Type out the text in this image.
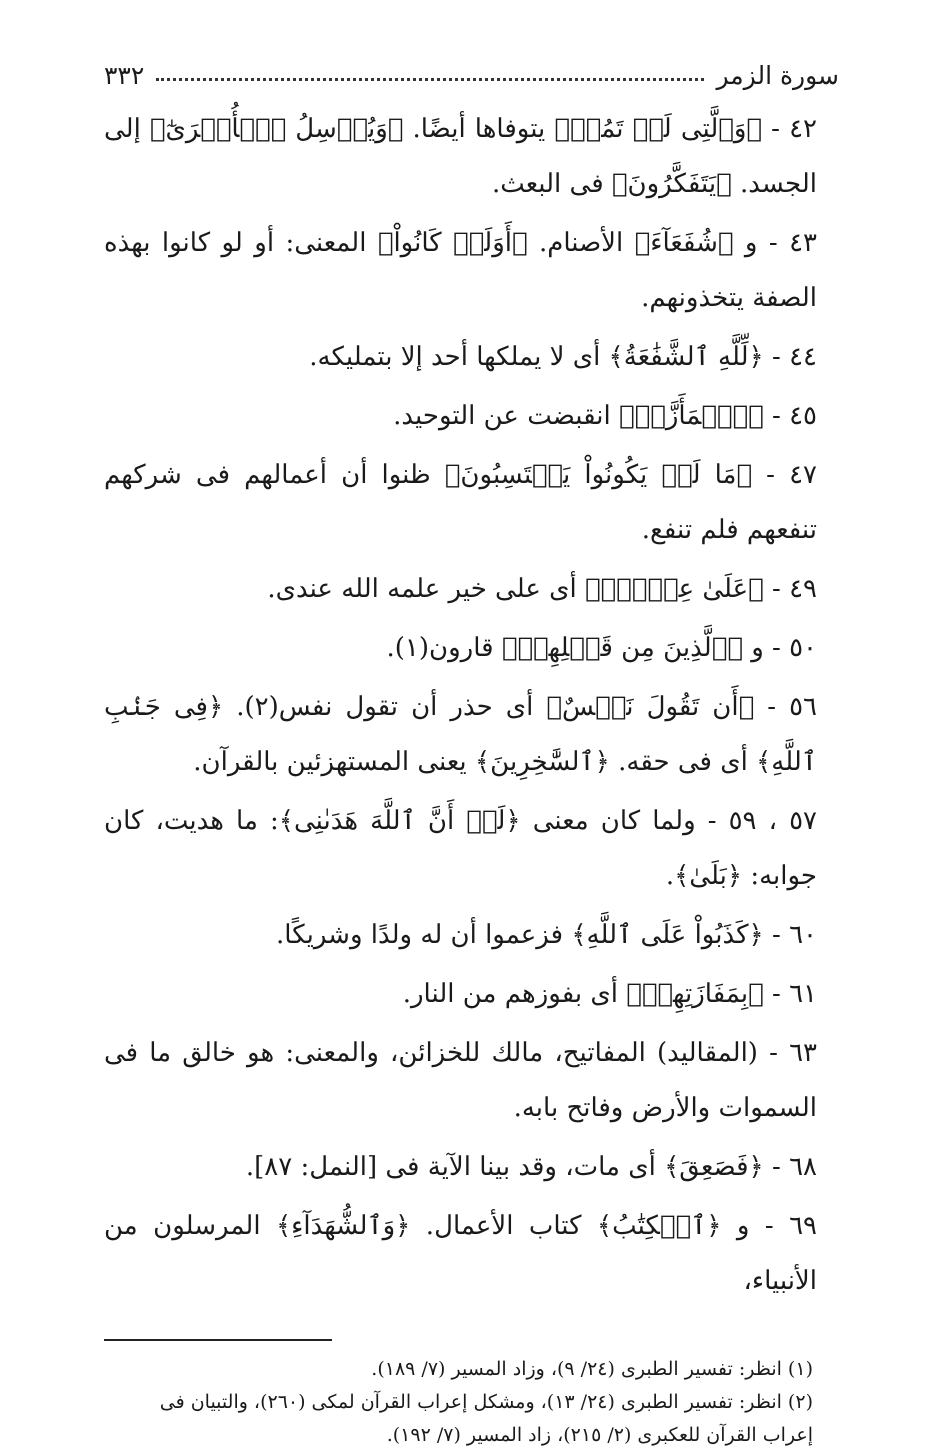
سورة الزمر
٣٣٢

٤٢ - ﴿وَٱلَّتِى لَمۡ تَمُتۡ﴾ يتوفاها أيضًا. ﴿وَيُرۡسِلُ ٱلۡأُخۡرَىٰٓ﴾ إلى الجسد. ﴿يَتَفَكَّرُونَ﴾ فى البعث.

٤٣ - و ﴿شُفَعَآءَ﴾ الأصنام. ﴿أَوَلَوۡ كَانُواْ﴾ المعنى: أو لو كانوا بهذه الصفة يتخذونهم.

٤٤ - ﴿لِّلَّهِ ٱلشَّفَٰعَةُ﴾ أى لا يملكها أحد إلا بتمليكه.

٤٥ - ﴿ٱشۡمَأَزَّتۡ﴾ انقبضت عن التوحيد.

٤٧ - ﴿مَا لَمۡ يَكُونُواْ يَحۡتَسِبُونَ﴾ ظنوا أن أعمالهم فى شركهم تنفعهم فلم تنفع.

٤٩ - ﴿عَلَىٰ عِلۡمِۭ﴾ أى على خير علمه الله عندى.

٥٠ - و ﴿ٱلَّذِينَ مِن قَبۡلِهِمۡ﴾ قارون(١).

٥٦ - ﴿أَن تَقُولَ نَفۡسٌ﴾ أى حذر أن تقول نفس(٢). ﴿فِى جَنۢبِ ٱللَّهِ﴾ أى فى حقه. ﴿ٱلسَّٰخِرِينَ﴾ يعنى المستهزئين بالقرآن.

٥٧ ، ٥٩ - ولما كان معنى ﴿لَوۡ أَنَّ ٱللَّهَ هَدَىٰنِى﴾: ما هديت، كان جوابه: ﴿بَلَىٰ﴾.

٦٠ - ﴿كَذَبُواْ عَلَى ٱللَّهِ﴾ فزعموا أن له ولدًا وشريكًا.

٦١ - ﴿بِمَفَازَتِهِمۡ﴾ أى بفوزهم من النار.

٦٣ - (المقاليد) المفاتيح، مالك للخزائن، والمعنى: هو خالق ما فى السموات والأرض وفاتح بابه.

٦٨ - ﴿فَصَعِقَ﴾ أى مات، وقد بينا الآية فى [النمل: ٨٧].

٦٩ - و ﴿ٱلۡكِتَٰبُ﴾ كتاب الأعمال. ﴿وَٱلشُّهَدَآءِ﴾ المرسلون من الأنبياء،

(١) انظر: تفسير الطبرى (٢٤/ ٩)، وزاد المسير (٧/ ١٨٩).

(٢) انظر: تفسير الطبرى (٢٤/ ١٣)، ومشكل إعراب القرآن لمكى (٢٦٠)، والتبيان فى

إعراب القرآن للعكبرى (٢/ ٢١٥)، زاد المسير (٧/ ١٩٢).
